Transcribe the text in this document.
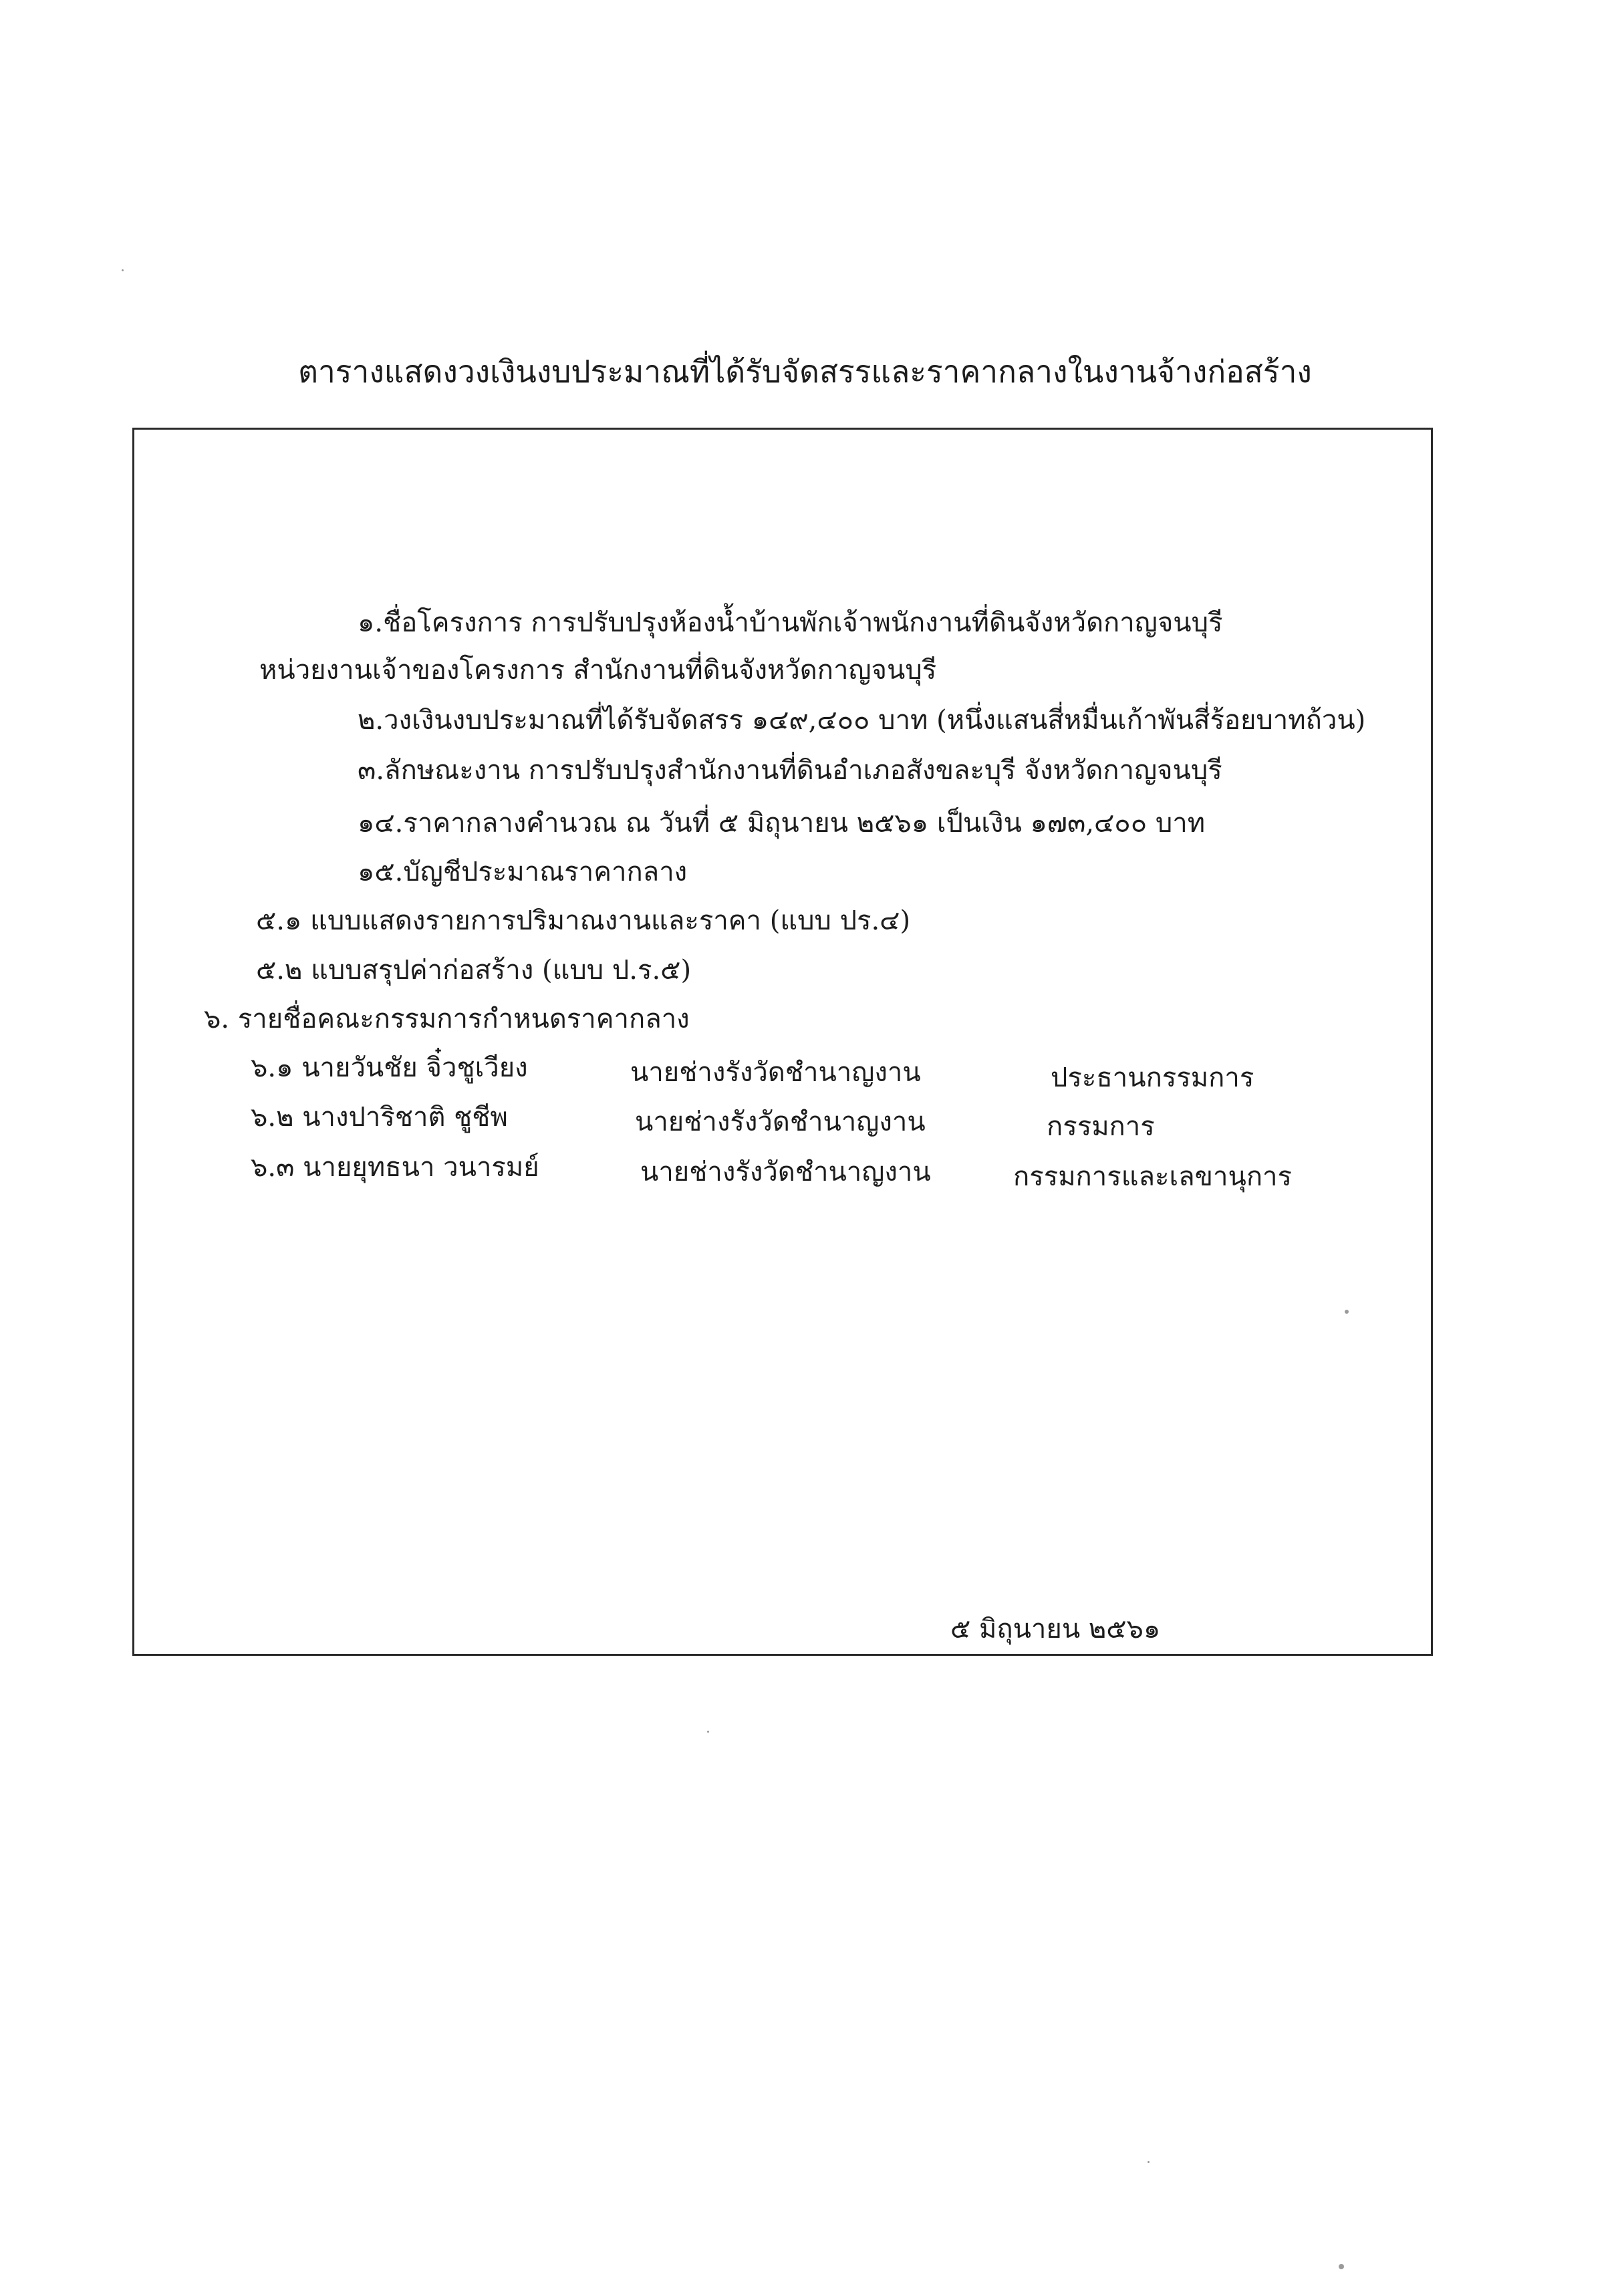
ตารางแสดงวงเงินงบประมาณที่ได้รับจัดสรรและราคากลางในงานจ้างก่อสร้าง
๑.ชื่อโครงการ การปรับปรุงห้องน้ำบ้านพักเจ้าพนักงานที่ดินจังหวัดกาญจนบุรี
หน่วยงานเจ้าของโครงการ สำนักงานที่ดินจังหวัดกาญจนบุรี
๒.วงเงินงบประมาณที่ได้รับจัดสรร ๑๔๙,๔๐๐ บาท (หนึ่งแสนสี่หมื่นเก้าพันสี่ร้อยบาทถ้วน)
๓.ลักษณะงาน การปรับปรุงสำนักงานที่ดินอำเภอสังขละบุรี จังหวัดกาญจนบุรี
๑๔.ราคากลางคำนวณ ณ วันที่ ๕ มิถุนายน ๒๕๖๑ เป็นเงิน ๑๗๓,๔๐๐ บาท
๑๕.บัญชีประมาณราคากลาง
๕.๑ แบบแสดงรายการปริมาณงานและราคา (แบบ ปร.๔)
๕.๒ แบบสรุปค่าก่อสร้าง (แบบ ป.ร.๕)
๖. รายชื่อคณะกรรมการกำหนดราคากลาง
๖.๑ นายวันชัย จิ๋วชูเวียง	นายช่างรังวัดชำนาญงาน	ประธานกรรมการ
๖.๒ นางปาริชาติ ชูชีพ	นายช่างรังวัดชำนาญงาน	กรรมการ
๖.๓ นายยุทธนา วนารมย์	นายช่างรังวัดชำนาญงาน	กรรมการและเลขานุการ
๕ มิถุนายน ๒๕๖๑
